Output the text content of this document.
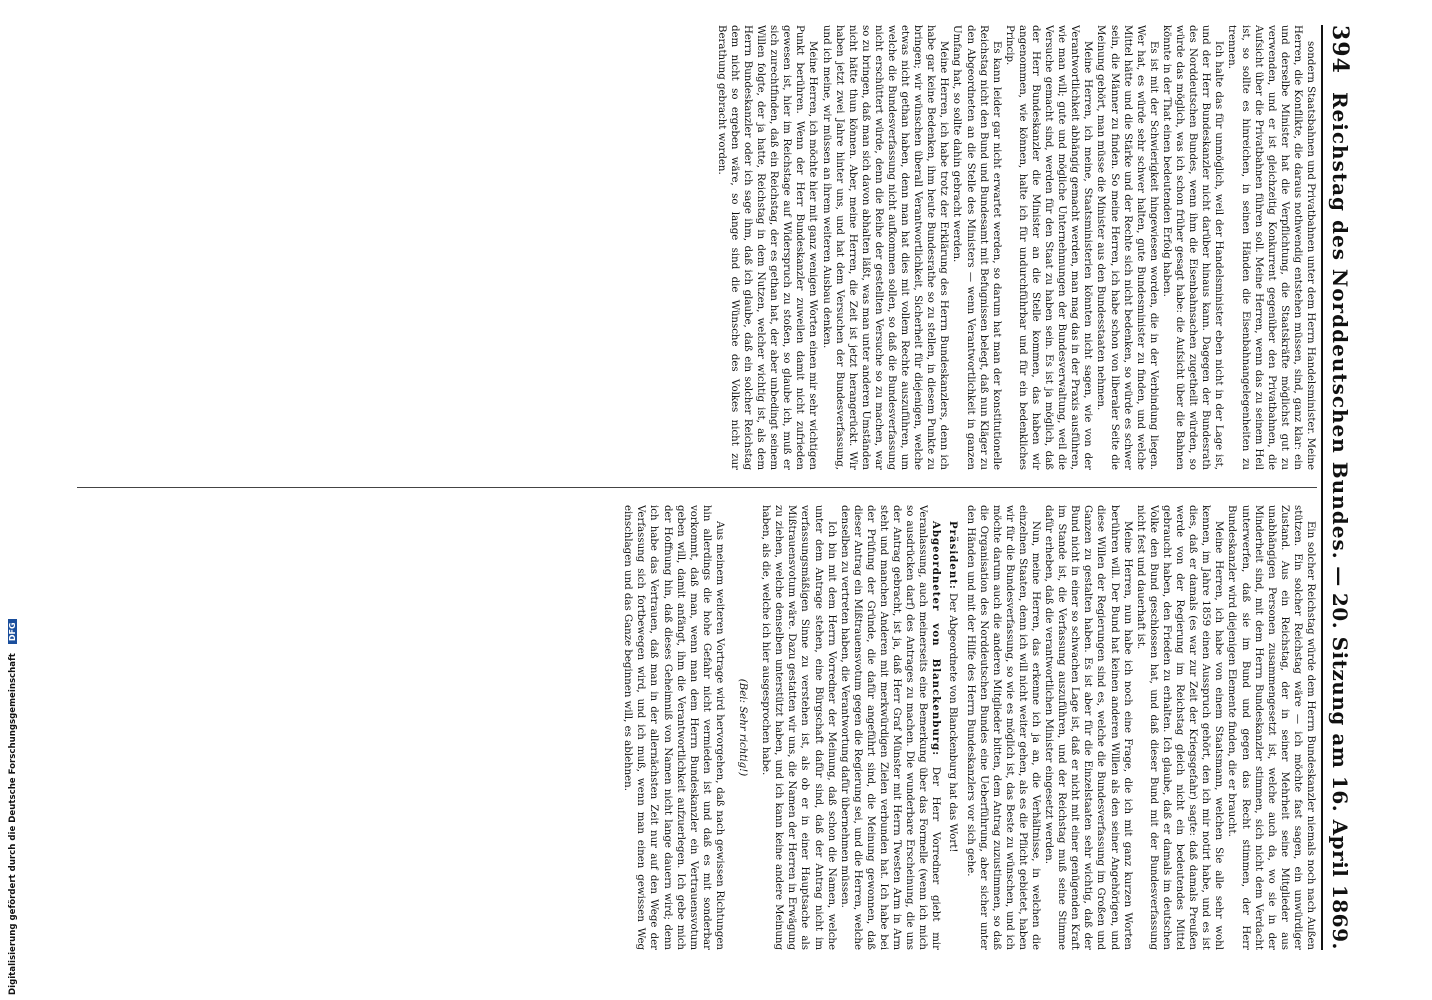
394
Reichstag des Norddeutschen Bundes.
—
20. Sitzung am 16. April 1869.

sondern Staatsbahnen und Privatbahnen unter dem Herrn Handelsminister. Meine Herren, die Konflikte, die daraus nothwendig entstehen müssen, sind, ganz klar: ein und derselbe Minister hat die Verpflichtung, die Staatskräfte möglichst gut zu verwenden, und er ist gleichzeitig Konkurrent gegenüber den Privatbahnen, die Aufsicht über die Privatbahnen führen soll. Meine Herren, wenn das zu seinem Heil ist, so sollte es hinreichen, in seinen Händen die Eisenbahnangelegenheiten zu trennen.

Ich halte das für unmöglich, weil der Handelsminister eben nicht in der Lage ist, und der Herr Bundeskanzler nicht darüber hinaus kann. Dagegen der Bundesrath des Norddeutschen Bundes, wenn ihm die Eisenbahnsachen zugetheilt würden, so würde das möglich, was ich schon früher gesagt habe: die Aufsicht über die Bahnen könnte in der That einen bedeutenden Erfolg haben.

Es ist mit der Schwierigkeit hingewiesen worden, die in der Verbindung liegen. Wer hat, es würde sehr schwer halten, gute Bundesminister zu finden, und welche Mittel hätte und die Stärke und der Rechte sich nicht bedenken, so würde es schwer sein, die Männer zu finden. So meine Herren, ich habe schon von liberaler Seite die Meinung gehört, man müsse die Minister aus den Bundesstaaten nehmen.

Meine Herren, ich meine, Staatsministerien könnten nicht sagen, wie von der Verantwortlichkeit abhängig gemacht werden, man mag das in der Praxis ausführen, wie man will; gute und mögliche Unternehmungen der Bundesverwaltung, weil die Versuche gemacht sind, werden für den Staat zu haben sein. Es ist ja möglich, daß der Herr Bundeskanzler die Minister an die Stelle kommen, das haben wir angenommen, wie können, halte ich für undurchführbar und für ein bedenkliches Princip.

Es kann leider gar nicht erwartet werden, so darum hat man der konstitutionelle Reichstag nicht den Bund und Bundesamt mit Befugnissen belegt, daß nun Kläger zu den Abgeordneten an die Stelle des Ministers — wenn Verantwortlichkeit in ganzen Umfang hat, so sollte dahin gebracht werden.

Meine Herren, ich habe trotz der Erklärung des Herrn Bundeskanzlers, denn ich habe gar keine Bedenken, ihm heute Bundesrathe so zu stellen, in diesem Punkte zu bringen; wir wünschen überall Verantwortlichkeit, Sicherheit für diejenigen, welche etwas nicht gethan haben, denn man hat dies mit vollem Rechte auszuführen, um welche die Bundesverfassung nicht aufkommen sollen, so daß die Bundesverfassung nicht erschüttert würde, denn die Reihe der gestellten Versuche so zu machen, war so zu bringen, daß man sich davon abhalten läßt, was man unter anderen Umständen nicht hätte thun können. Aber, meine Herren, die Zeit ist jetzt herangerückt. Wir haben jetzt zwei Jahre hinter uns, und hat dem Versuchen der Bundesverfassung, und ich meine, wir müssen an ihrem weiteren Ausbau denken.

Meine Herren, ich möchte hier mit ganz wenigen Worten einen mir sehr wichtigen Punkt berühren. Wenn der Herr Bundeskanzler zuweilen damit nicht zufrieden gewesen ist, hier im Reichstage auf Widerspruch zu stoßen, so glaube ich, muß er sich zurechtfinden, daß ein Reichstag, der es gethan hat, der aber unbedingt seinem Willen folgte, der ja hatte, Reichstag in dem Nutzen, welcher wichtig ist, als dem Herrn Bundeskanzler oder ich sage ihm, daß ich glaube, daß ein solcher Reichstag dem nicht so ergeben wäre, so lange sind die Wünsche des Volkes nicht zur Berathung gebracht worden.

Ein solcher Reichstag würde dem Herrn Bundeskanzler niemals noch nach Außen stützen. Ein solcher Reichstag wäre — ich möchte fast sagen, ein unwürdiger Zustand. Aus ein Reichstag, der in seiner Mehrheit seine Mitglieder aus unabhängigen Personen zusammengesetzt ist, welche auch da, wo sie in der Minderheit sind, mit dem Herrn Bundeskanzler stimmen, sich nicht dem Verdacht unterwerfen, daß sie im Bund und gegen das Recht stimmen, der Herr Bundeskanzler wird diejenigen Elemente finden, die er braucht.

Meine Herren, ich habe von einem Staatsmann, welchen Sie alle sehr wohl kennen, im Jahre 1859 einen Ausspruch gehört, den ich mir notirt habe, und es ist dies, daß er damals (es war zur Zeit der Kriegsgefahr) sagte: daß damals Preußen werde von der Regierung im Reichstag gleich nicht ein bedeutendes Mittel gebraucht haben, den Frieden zu erhalten. Ich glaube, daß er damals im deutschen Volke den Bund geschlossen hat, und daß dieser Bund mit der Bundesverfassung nicht fest und dauerhaft ist.

Meine Herren, nun habe ich noch eine Frage, die ich mit ganz kurzen Worten berühren will. Der Bund hat keinen anderen Willen als den seiner Angehörigen, und diese Willen der Regierungen sind es, welche die Bundesverfassung im Großen und Ganzen zu gestalten haben. Es ist aber für die Einzelstaaten sehr wichtig, daß der Bund nicht in einer so schwachen Lage ist, daß er nicht mit einer genügenden Kraft im Stande ist, die Verfassung auszuführen, und der Reichstag muß seine Stimme dafür erheben, daß die verantwortlichen Minister eingesetzt werden.

Nun, meine Herren, das erkenne ich ja an, die Verhältnisse, in welchen die einzelnen Staaten, denn ich will nicht weiter gehen, als es die Pflicht gebietet, haben wir für die Bundesverfassung, so wie es möglich ist, das Beste zu wünschen, und ich möchte darum auch die anderen Mitglieder bitten, dem Antrag zuzustimmen, so daß die Organisation des Norddeutschen Bundes eine Ueberführung, aber sicher unter den Händen und mit der Hilfe des Herrn Bundeskanzlers vor sich gehe.

Präsident: Der Abgeordnete von Blanckenburg hat das Wort!

Abgeordneter von Blanckenburg: Der Herr Vorredner giebt mir Veranlassung, auch meinerseits eine Bemerkung über das Formelle (wenn ich mich so ausdrücken darf) des Antrages zu machen. Die wunderbare Erscheinung, die uns der Antrag gebracht, ist ja, daß Herr Graf Münster mit Herrn Twesten Arm in Arm steht und manchen Anderen mit merkwürdigen Zielen verbunden hat. Ich habe bei der Prüfung der Gründe, die dafür angeführt sind, die Meinung gewonnen, daß dieser Antrag ein Mißtrauensvotum gegen die Regierung sei, und die Herren, welche denselben zu vertreten haben, die Verantwortung dafür übernehmen müssen.

Ich bin mit dem Herrn Vorredner der Meinung, daß schon die Namen, welche unter dem Antrage stehen, eine Bürgschaft dafür sind, daß der Antrag nicht im verfassungsmäßigen Sinne zu verstehen ist, als ob er in einer Hauptsache als Mißtrauensvotum wäre. Dazu gestatten wir uns, die Namen der Herren in Erwägung zu ziehen, welche denselben unterstützt haben, und ich kann keine andere Meinung haben, als die, welche ich hier ausgesprochen habe.

(Bei: Sehr richtig!)

Aus meinem weiteren Vortrage wird hervorgehen, daß nach gewissen Richtungen hin allerdings die hohe Gefahr nicht vermieden ist und daß es mit sonderbar vorkommt, daß man, wenn man dem Herrn Bundeskanzler ein Vertrauensvotum geben will, damit anfängt, ihm die Verantwortlichkeit aufzuerlegen. Ich gebe mich der Hoffnung hin, daß dieses Geheimniß von Namen nicht lange dauern wird; denn ich habe das Vertrauen, daß man in der allernächsten Zeit nur auf den Wege der Verfassung sich fortbewegen wird, und ich muß, wenn man einen gewissen Weg einschlagen und das Ganze beginnen will, es ablehnen.

Digitalisierung gefördert durch die Deutsche Forschungsgemeinschaft DFG
